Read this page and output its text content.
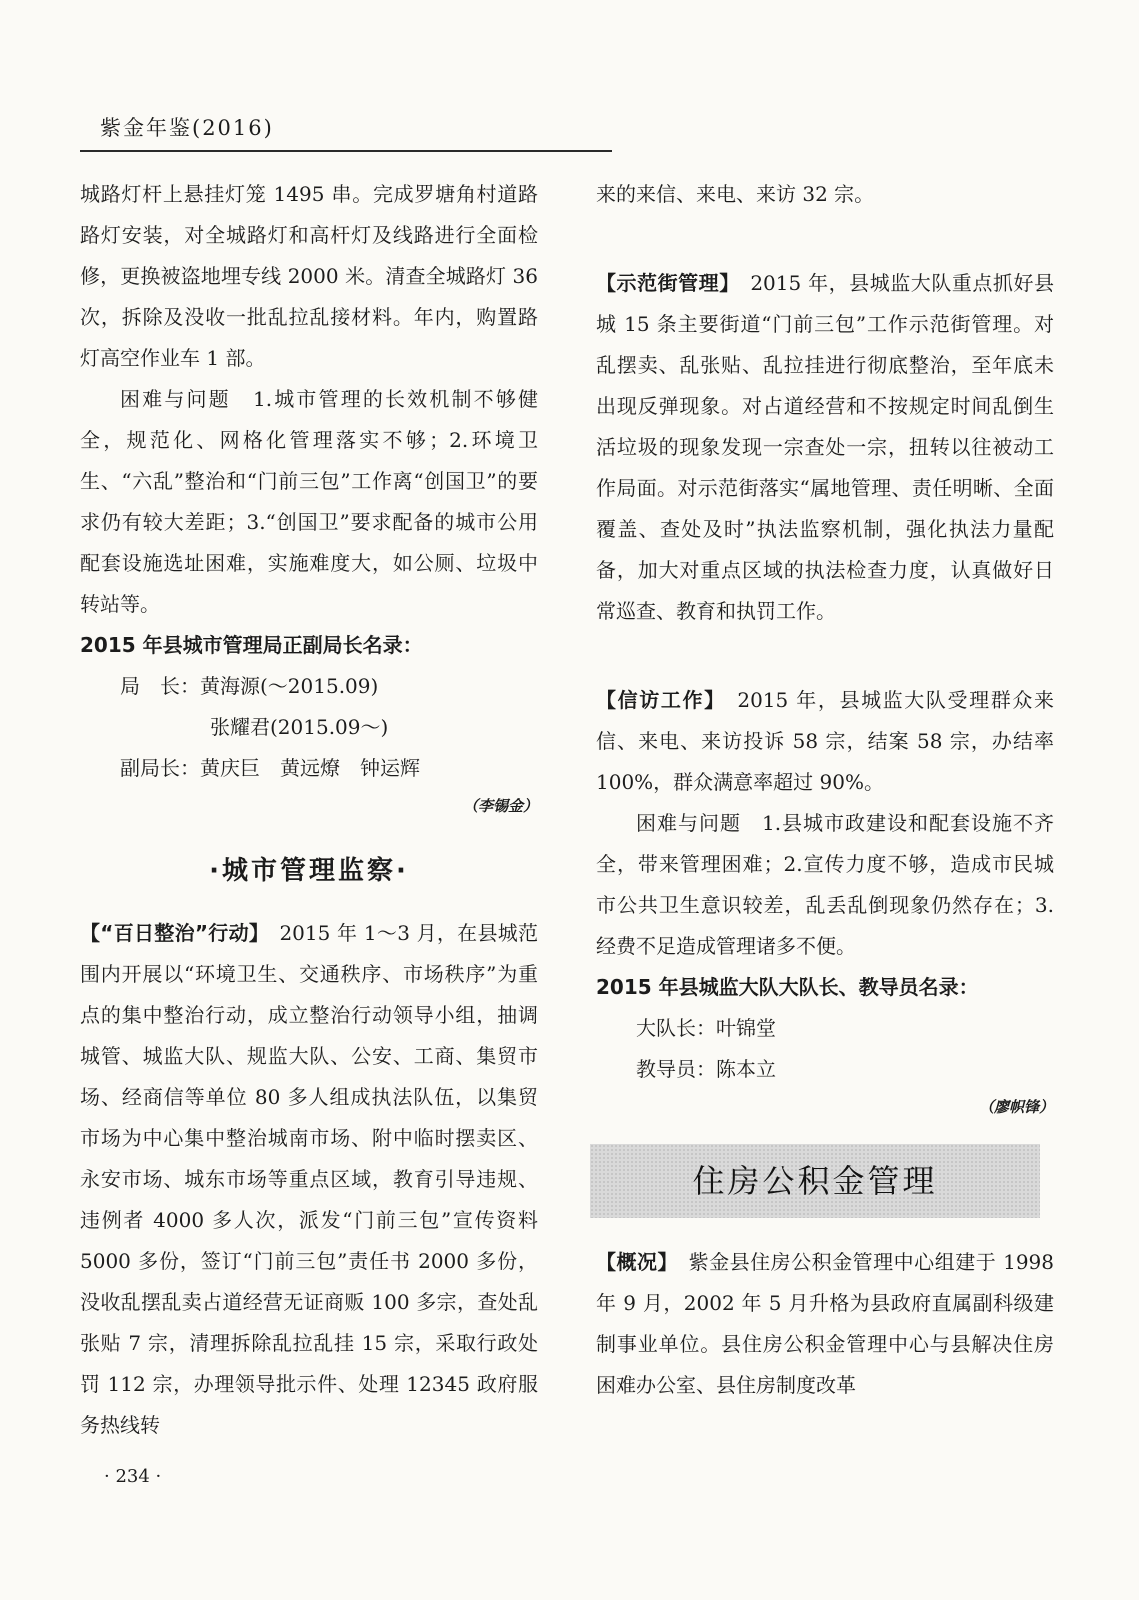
紫金年鉴(2016)

城路灯杆上悬挂灯笼 1495 串。完成罗塘角村道路路灯安装，对全城路灯和高杆灯及线路进行全面检修，更换被盗地埋专线 2000 米。清查全城路灯 36 次，拆除及没收一批乱拉乱接材料。年内，购置路灯高空作业车 1 部。

困难与问题　1.城市管理的长效机制不够健全，规范化、网格化管理落实不够；2.环境卫生、“六乱”整治和“门前三包”工作离“创国卫”的要求仍有较大差距；3.“创国卫”要求配备的城市公用配套设施选址困难，实施难度大，如公厕、垃圾中转站等。

2015 年县城市管理局正副局长名录：

局　长：黄海源(～2015.09)

张耀君(2015.09～)

副局长：黄庆巨　黄远燎　钟运辉

（李锡金）

·城市管理监察·

【“百日整治”行动】　 2015 年 1～3 月，在县城范围内开展以“环境卫生、交通秩序、市场秩序”为重点的集中整治行动，成立整治行动领导小组，抽调城管、城监大队、规监大队、公安、工商、集贸市场、经商信等单位 80 多人组成执法队伍，以集贸市场为中心集中整治城南市场、附中临时摆卖区、永安市场、城东市场等重点区域，教育引导违规、违例者 4000 多人次，派发“门前三包”宣传资料 5000 多份，签订“门前三包”责任书 2000 多份，没收乱摆乱卖占道经营无证商贩 100 多宗，查处乱张贴 7 宗，清理拆除乱拉乱挂 15 宗，采取行政处罚 112 宗，办理领导批示件、处理 12345 政府服务热线转

来的来信、来电、来访 32 宗。

【示范街管理】　 2015 年，县城监大队重点抓好县城 15 条主要街道“门前三包”工作示范街管理。对乱摆卖、乱张贴、乱拉挂进行彻底整治，至年底未出现反弹现象。对占道经营和不按规定时间乱倒生活垃圾的现象发现一宗查处一宗，扭转以往被动工作局面。对示范街落实“属地管理、责任明晰、全面覆盖、查处及时”执法监察机制，强化执法力量配备，加大对重点区域的执法检查力度，认真做好日常巡查、教育和执罚工作。

【信访工作】　 2015 年，县城监大队受理群众来信、来电、来访投诉 58 宗，结案 58 宗，办结率 100%，群众满意率超过 90%。

困难与问题　1.县城市政建设和配套设施不齐全，带来管理困难；2.宣传力度不够，造成市民城市公共卫生意识较差，乱丢乱倒现象仍然存在；3.经费不足造成管理诸多不便。

2015 年县城监大队大队长、教导员名录：

大队长：叶锦堂

教导员：陈本立

（廖帜锋）

住房公积金管理

【概况】　 紫金县住房公积金管理中心组建于 1998 年 9 月，2002 年 5 月升格为县政府直属副科级建制事业单位。县住房公积金管理中心与县解决住房困难办公室、县住房制度改革

· 234 ·
